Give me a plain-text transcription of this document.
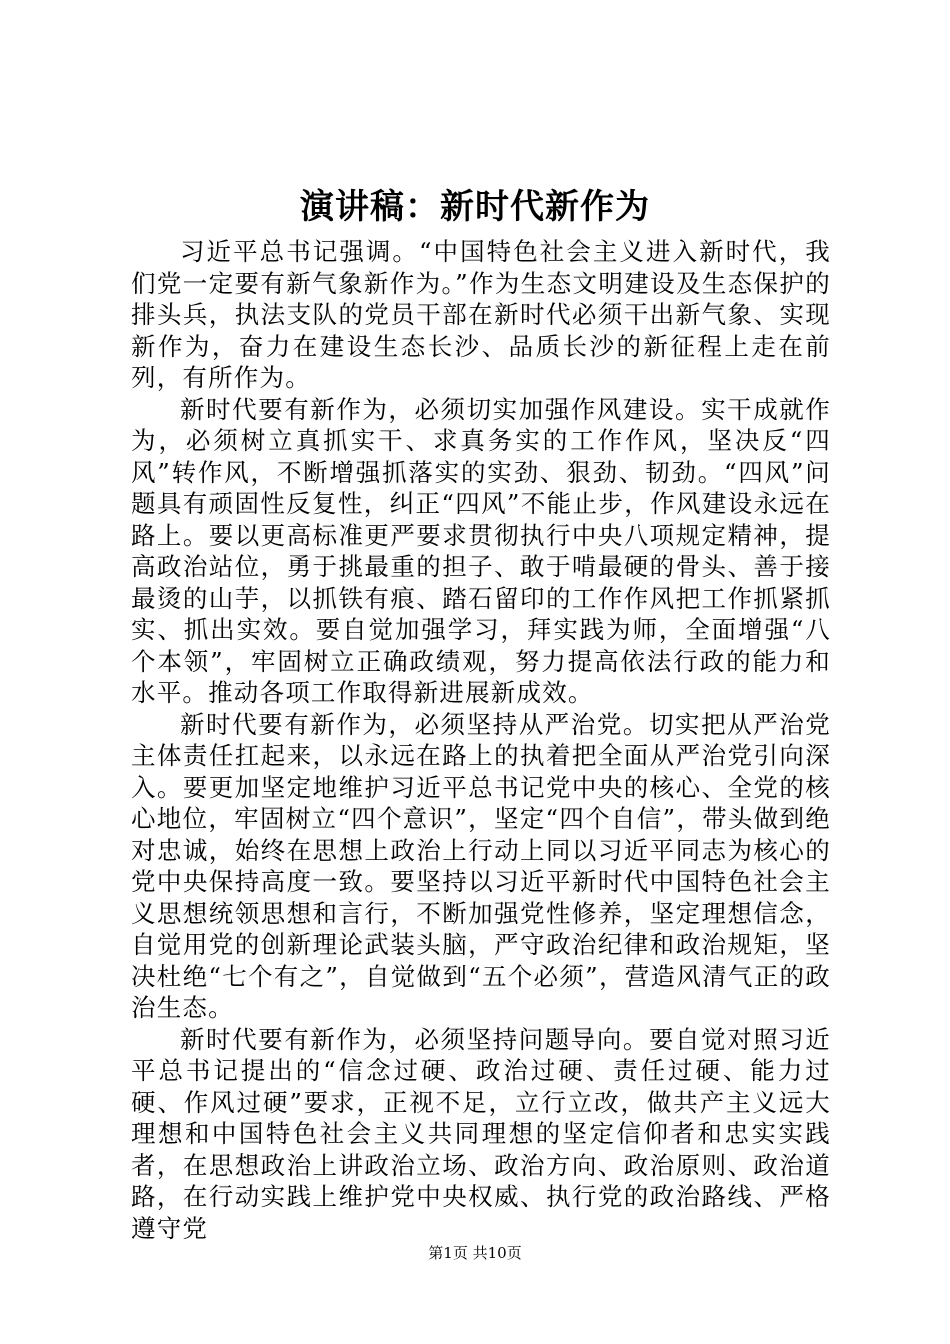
演讲稿：新时代新作为

习近平总书记强调。“中国特色社会主义进入新时代，我们党一定要有新气象新作为。”作为生态文明建设及生态保护的排头兵，执法支队的党员干部在新时代必须干出新气象、实现新作为，奋力在建设生态长沙、品质长沙的新征程上走在前列，有所作为。

新时代要有新作为，必须切实加强作风建设。实干成就作为，必须树立真抓实干、求真务实的工作作风，坚决反“四风”转作风，不断增强抓落实的实劲、狠劲、韧劲。“四风”问题具有顽固性反复性，纠正“四风”不能止步，作风建设永远在路上。要以更高标准更严要求贯彻执行中央八项规定精神，提高政治站位，勇于挑最重的担子、敢于啃最硬的骨头、善于接最烫的山芋，以抓铁有痕、踏石留印的工作作风把工作抓紧抓实、抓出实效。要自觉加强学习，拜实践为师，全面增强“八个本领”，牢固树立正确政绩观，努力提高依法行政的能力和水平。推动各项工作取得新进展新成效。

新时代要有新作为，必须坚持从严治党。切实把从严治党主体责任扛起来，以永远在路上的执着把全面从严治党引向深入。要更加坚定地维护习近平总书记党中央的核心、全党的核心地位，牢固树立“四个意识”，坚定“四个自信”，带头做到绝对忠诚，始终在思想上政治上行动上同以习近平同志为核心的党中央保持高度一致。要坚持以习近平新时代中国特色社会主义思想统领思想和言行，不断加强党性修养，坚定理想信念，自觉用党的创新理论武装头脑，严守政治纪律和政治规矩，坚决杜绝“七个有之”，自觉做到“五个必须”，营造风清气正的政治生态。

新时代要有新作为，必须坚持问题导向。要自觉对照习近平总书记提出的“信念过硬、政治过硬、责任过硬、能力过硬、作风过硬”要求，正视不足，立行立改，做共产主义远大理想和中国特色社会主义共同理想的坚定信仰者和忠实实践者，在思想政治上讲政治立场、政治方向、政治原则、政治道路，在行动实践上维护党中央权威、执行党的政治路线、严格遵守党

第1页 共10页
